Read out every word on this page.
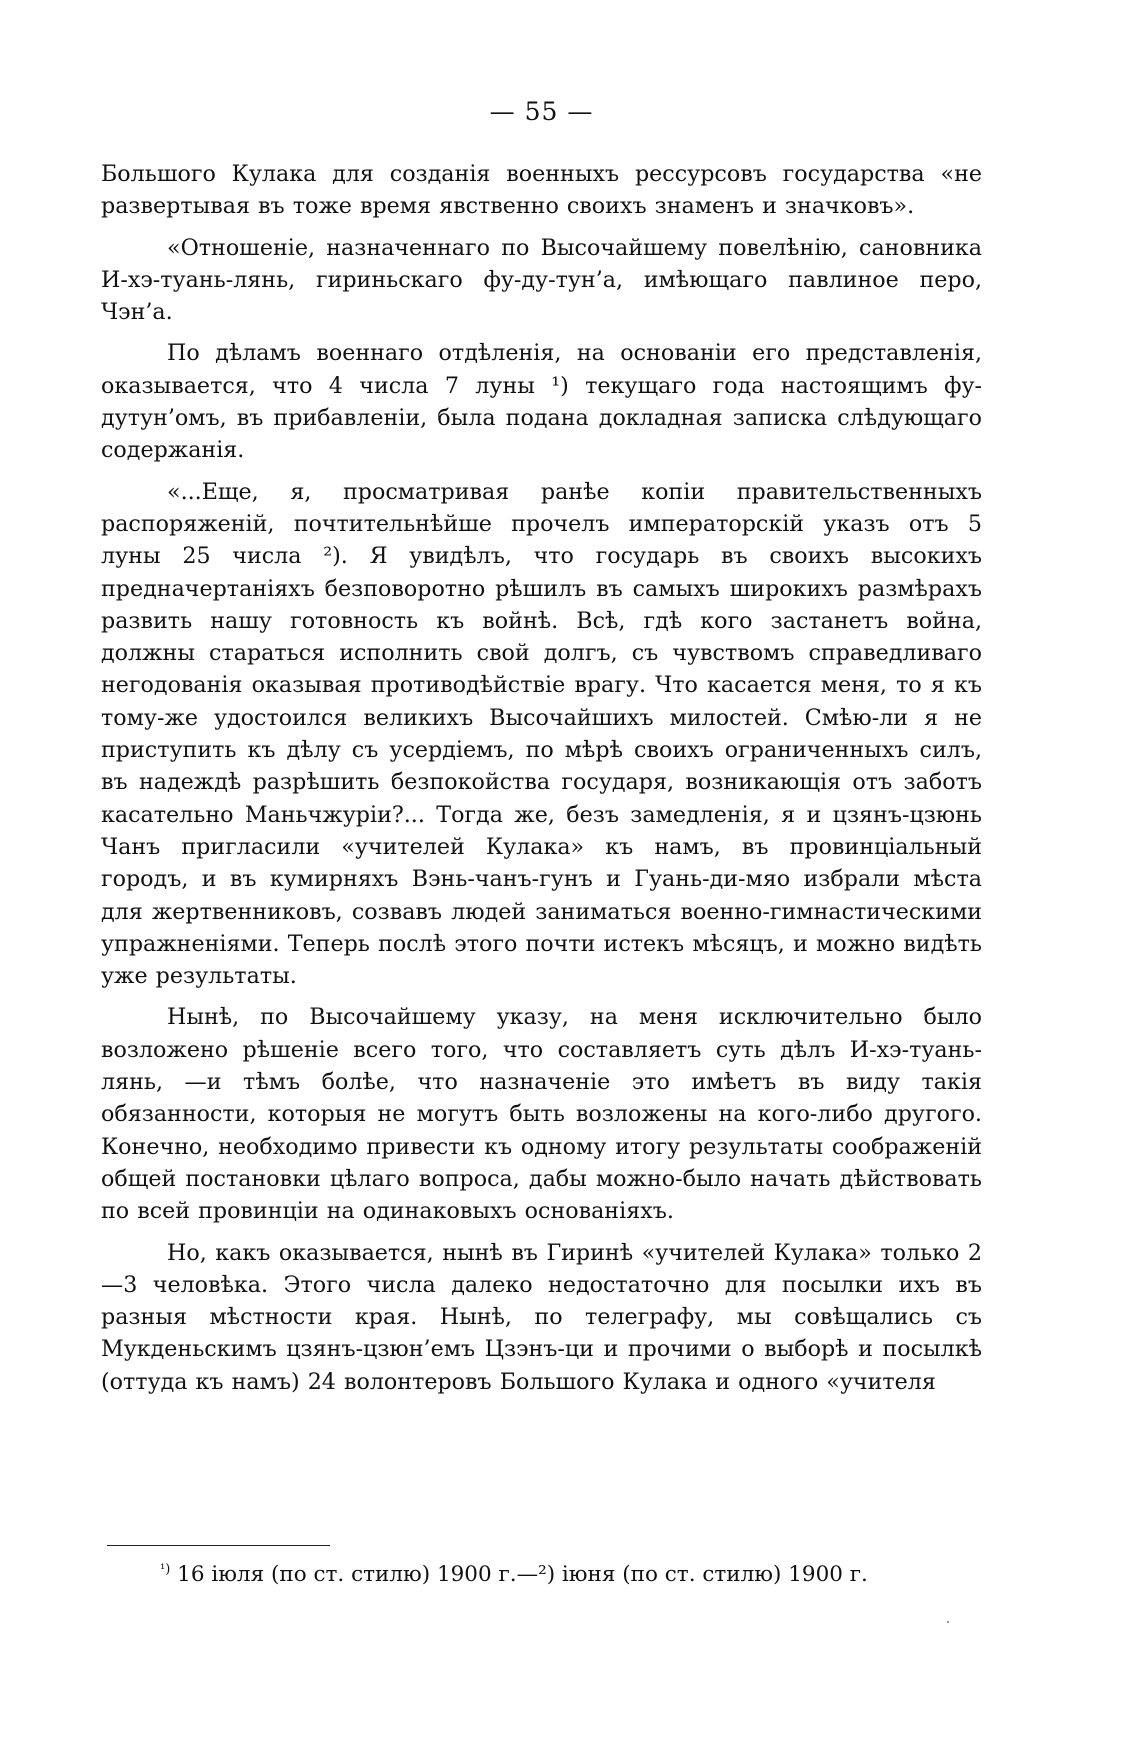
— 55 —

Большого Кулака для созданія военныхъ рессурсовъ государства «не развертывая въ тоже время явственно своихъ знаменъ и значковъ».

«Отношеніе, назначеннаго по Высочайшему повелѣнію, сановника И-хэ-туань-лянь, гириньскаго фу-ду-тун’а, имѣющаго павлиное перо, Чэн’а.

По дѣламъ военнаго отдѣленія, на основаніи его представленія, оказывается, что 4 числа 7 луны ¹) текущаго года настоящимъ фу-дутун’омъ, въ прибавленіи, была подана докладная записка слѣдующаго содержанія.

«...Еще, я, просматривая ранѣе копіи правительственныхъ распоряженій, почтительнѣйше прочелъ императорскій указъ отъ 5 луны 25 числа ²). Я увидѣлъ, что государь въ своихъ высокихъ предначертаніяхъ безповоротно рѣшилъ въ самыхъ широкихъ размѣрахъ развить нашу готовность къ войнѣ. Всѣ, гдѣ кого застанетъ война, должны стараться исполнить свой долгъ, съ чувствомъ справедливаго негодованія оказывая противодѣйствіе врагу. Что касается меня, то я къ тому-же удостоился великихъ Высочайшихъ милостей. Смѣю-ли я не приступить къ дѣлу съ усердіемъ, по мѣрѣ своихъ ограниченныхъ силъ, въ надеждѣ разрѣшить безпокойства государя, возникающія отъ заботъ касательно Маньчжуріи?... Тогда же, безъ замедленія, я и цзянъ-цзюнь Чанъ пригласили «учителей Кулака» къ намъ, въ провинціальный городъ, и въ кумирняхъ Вэнь-чанъ-гунъ и Гуань-ди-мяо избрали мѣста для жертвенниковъ, созвавъ людей заниматься военно-гимнастическими упражненіями. Теперь послѣ этого почти истекъ мѣсяцъ, и можно видѣть уже результаты.

Нынѣ, по Высочайшему указу, на меня исключительно было возложено рѣшеніе всего того, что составляетъ суть дѣлъ И-хэ-туань-лянь, —и тѣмъ болѣе, что назначеніе это имѣетъ въ виду такія обязанности, которыя не могутъ быть возложены на кого-либо другого. Конечно, необходимо привести къ одному итогу результаты соображеній общей постановки цѣлаго вопроса, дабы можно-было начать дѣйствовать по всей провинціи на одинаковыхъ основаніяхъ.

Но, какъ оказывается, нынѣ въ Гиринѣ «учителей Кулака» только 2—3 человѣка. Этого числа далеко недостаточно для посылки ихъ въ разныя мѣстности края. Нынѣ, по телеграфу, мы совѣщались съ Мукденьскимъ цзянъ-цзюн’емъ Цзэнъ-ци и прочими о выборѣ и посылкѣ (оттуда къ намъ) 24 волонтеровъ Большого Кулака и одного «учителя

$^{^1)}$ 16 іюля (по ст. стилю) 1900 г.—²) іюня (по ст. стилю) 1900 г.
